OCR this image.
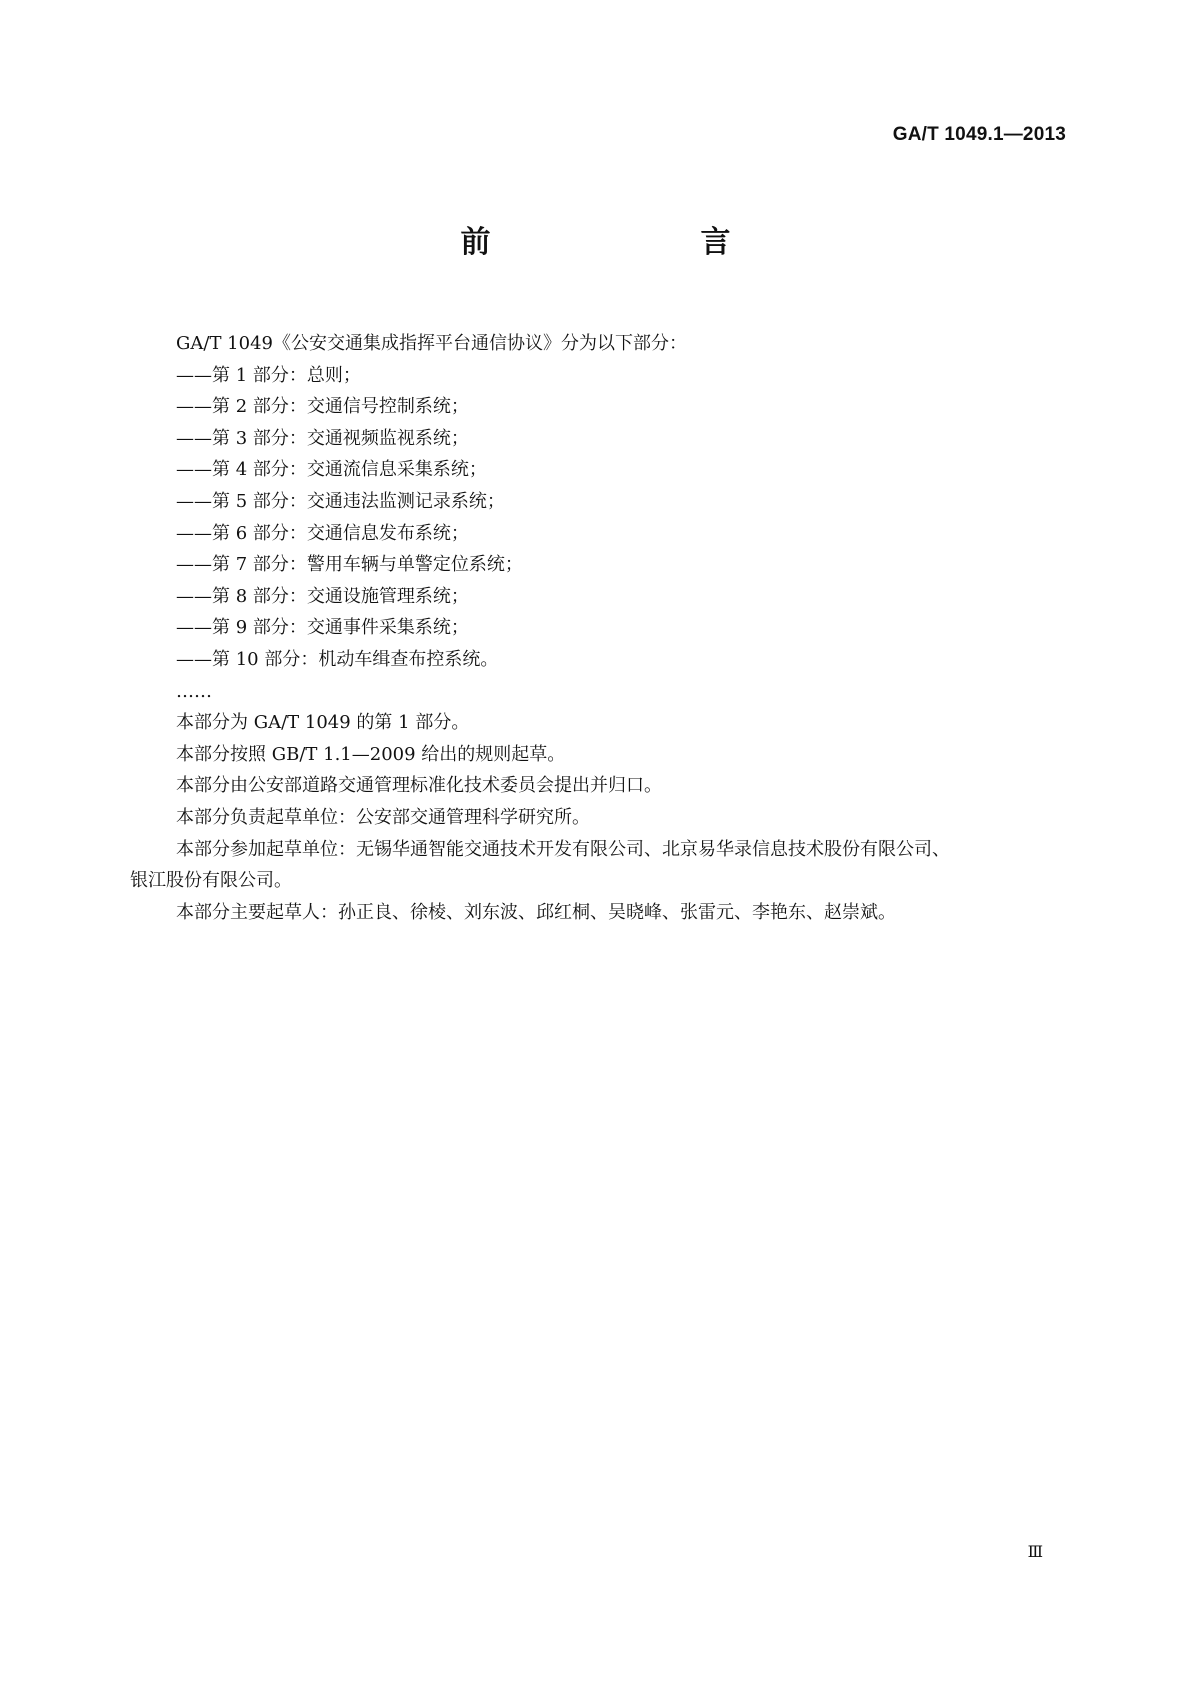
GA/T 1049.1—2013
前　　言

GA/T 1049《公安交通集成指挥平台通信协议》分为以下部分：

——第 1 部分：总则；

——第 2 部分：交通信号控制系统；

——第 3 部分：交通视频监视系统；

——第 4 部分：交通流信息采集系统；

——第 5 部分：交通违法监测记录系统；

——第 6 部分：交通信息发布系统；

——第 7 部分：警用车辆与单警定位系统；

——第 8 部分：交通设施管理系统；

——第 9 部分：交通事件采集系统；

——第 10 部分：机动车缉查布控系统。

……

本部分为 GA/T 1049 的第 1 部分。

本部分按照 GB/T 1.1—2009 给出的规则起草。

本部分由公安部道路交通管理标准化技术委员会提出并归口。

本部分负责起草单位：公安部交通管理科学研究所。

本部分参加起草单位：无锡华通智能交通技术开发有限公司、北京易华录信息技术股份有限公司、

银江股份有限公司。

本部分主要起草人：孙正良、徐棱、刘东波、邱红桐、吴晓峰、张雷元、李艳东、赵崇斌。

Ⅲ
